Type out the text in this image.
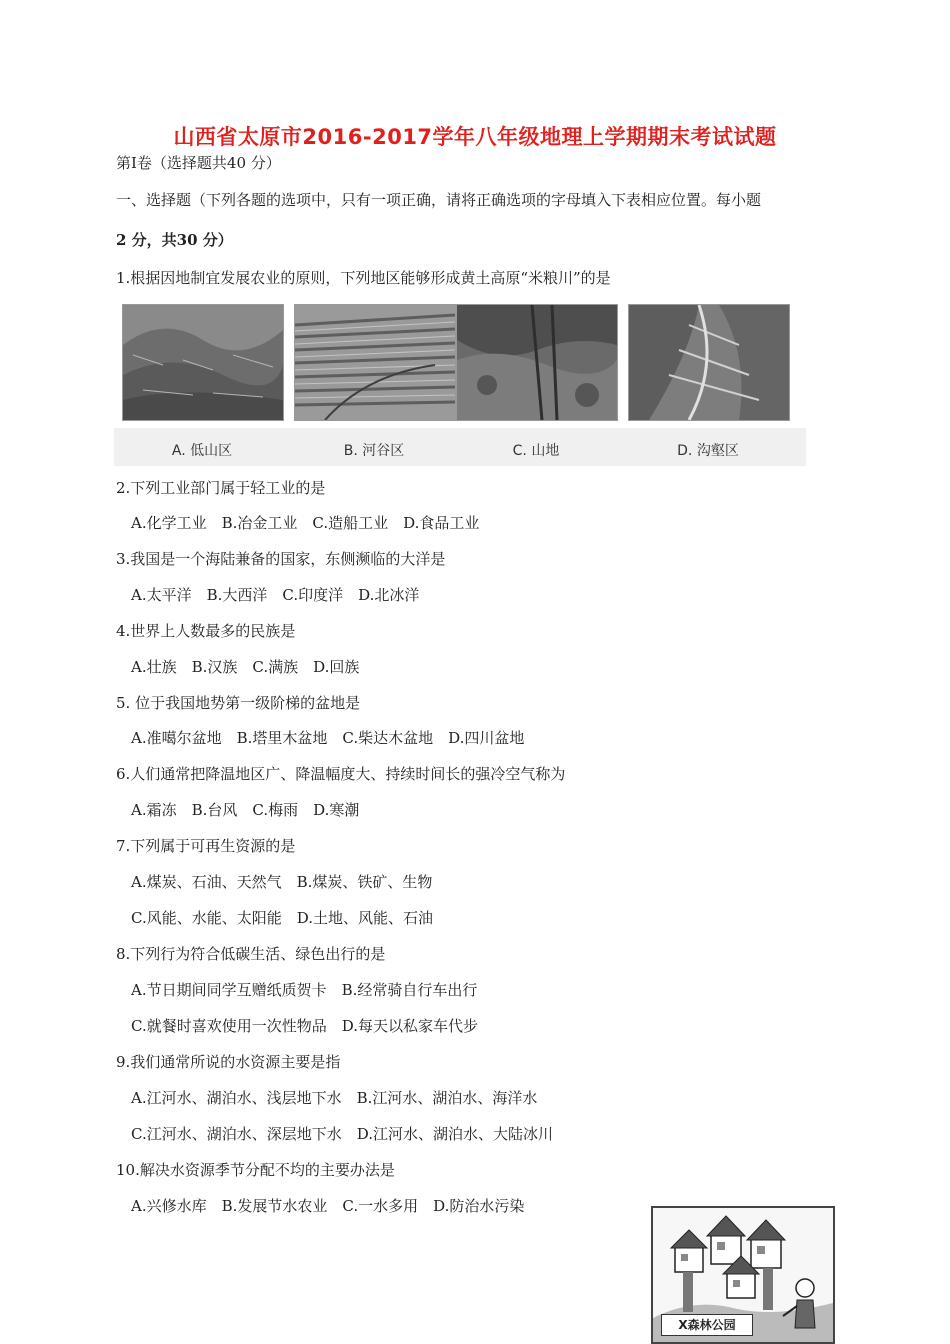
山西省太原市2016-2017学年八年级地理上学期期末考试试题
第Ⅰ卷（选择题共40 分）
一、选择题（下列各题的选项中，只有一项正确，请将正确选项的字母填入下表相应位置。每小题
2 分，共30 分）
1.根据因地制宜发展农业的原则，下列地区能够形成黄土高原“米粮川”的是
A. 低山区	B. 河谷区	C. 山地	D. 沟壑区
2.下列工业部门属于轻工业的是
A.化学工业　B.冶金工业　C.造船工业　D.食品工业
3.我国是一个海陆兼备的国家，东侧濒临的大洋是
A.太平洋　B.大西洋　C.印度洋　D.北冰洋
4.世界上人数最多的民族是
A.壮族　B.汉族　C.满族　D.回族
5. 位于我国地势第一级阶梯的盆地是
A.准噶尔盆地　B.塔里木盆地　C.柴达木盆地　D.四川盆地
6.人们通常把降温地区广、降温幅度大、持续时间长的强冷空气称为
A.霜冻　B.台风　C.梅雨　D.寒潮
7.下列属于可再生资源的是
A.煤炭、石油、天然气　B.煤炭、铁矿、生物
C.风能、水能、太阳能　D.土地、风能、石油
8.下列行为符合低碳生活、绿色出行的是
A.节日期间同学互赠纸质贺卡　B.经常骑自行车出行
C.就餐时喜欢使用一次性物品　D.每天以私家车代步
9.我们通常所说的水资源主要是指
A.江河水、湖泊水、浅层地下水　B.江河水、湖泊水、海洋水
C.江河水、湖泊水、深层地下水　D.江河水、湖泊水、大陆冰川
10.解决水资源季节分配不均的主要办法是
A.兴修水库　B.发展节水农业　C.一水多用　D.防治水污染
X森林公园
